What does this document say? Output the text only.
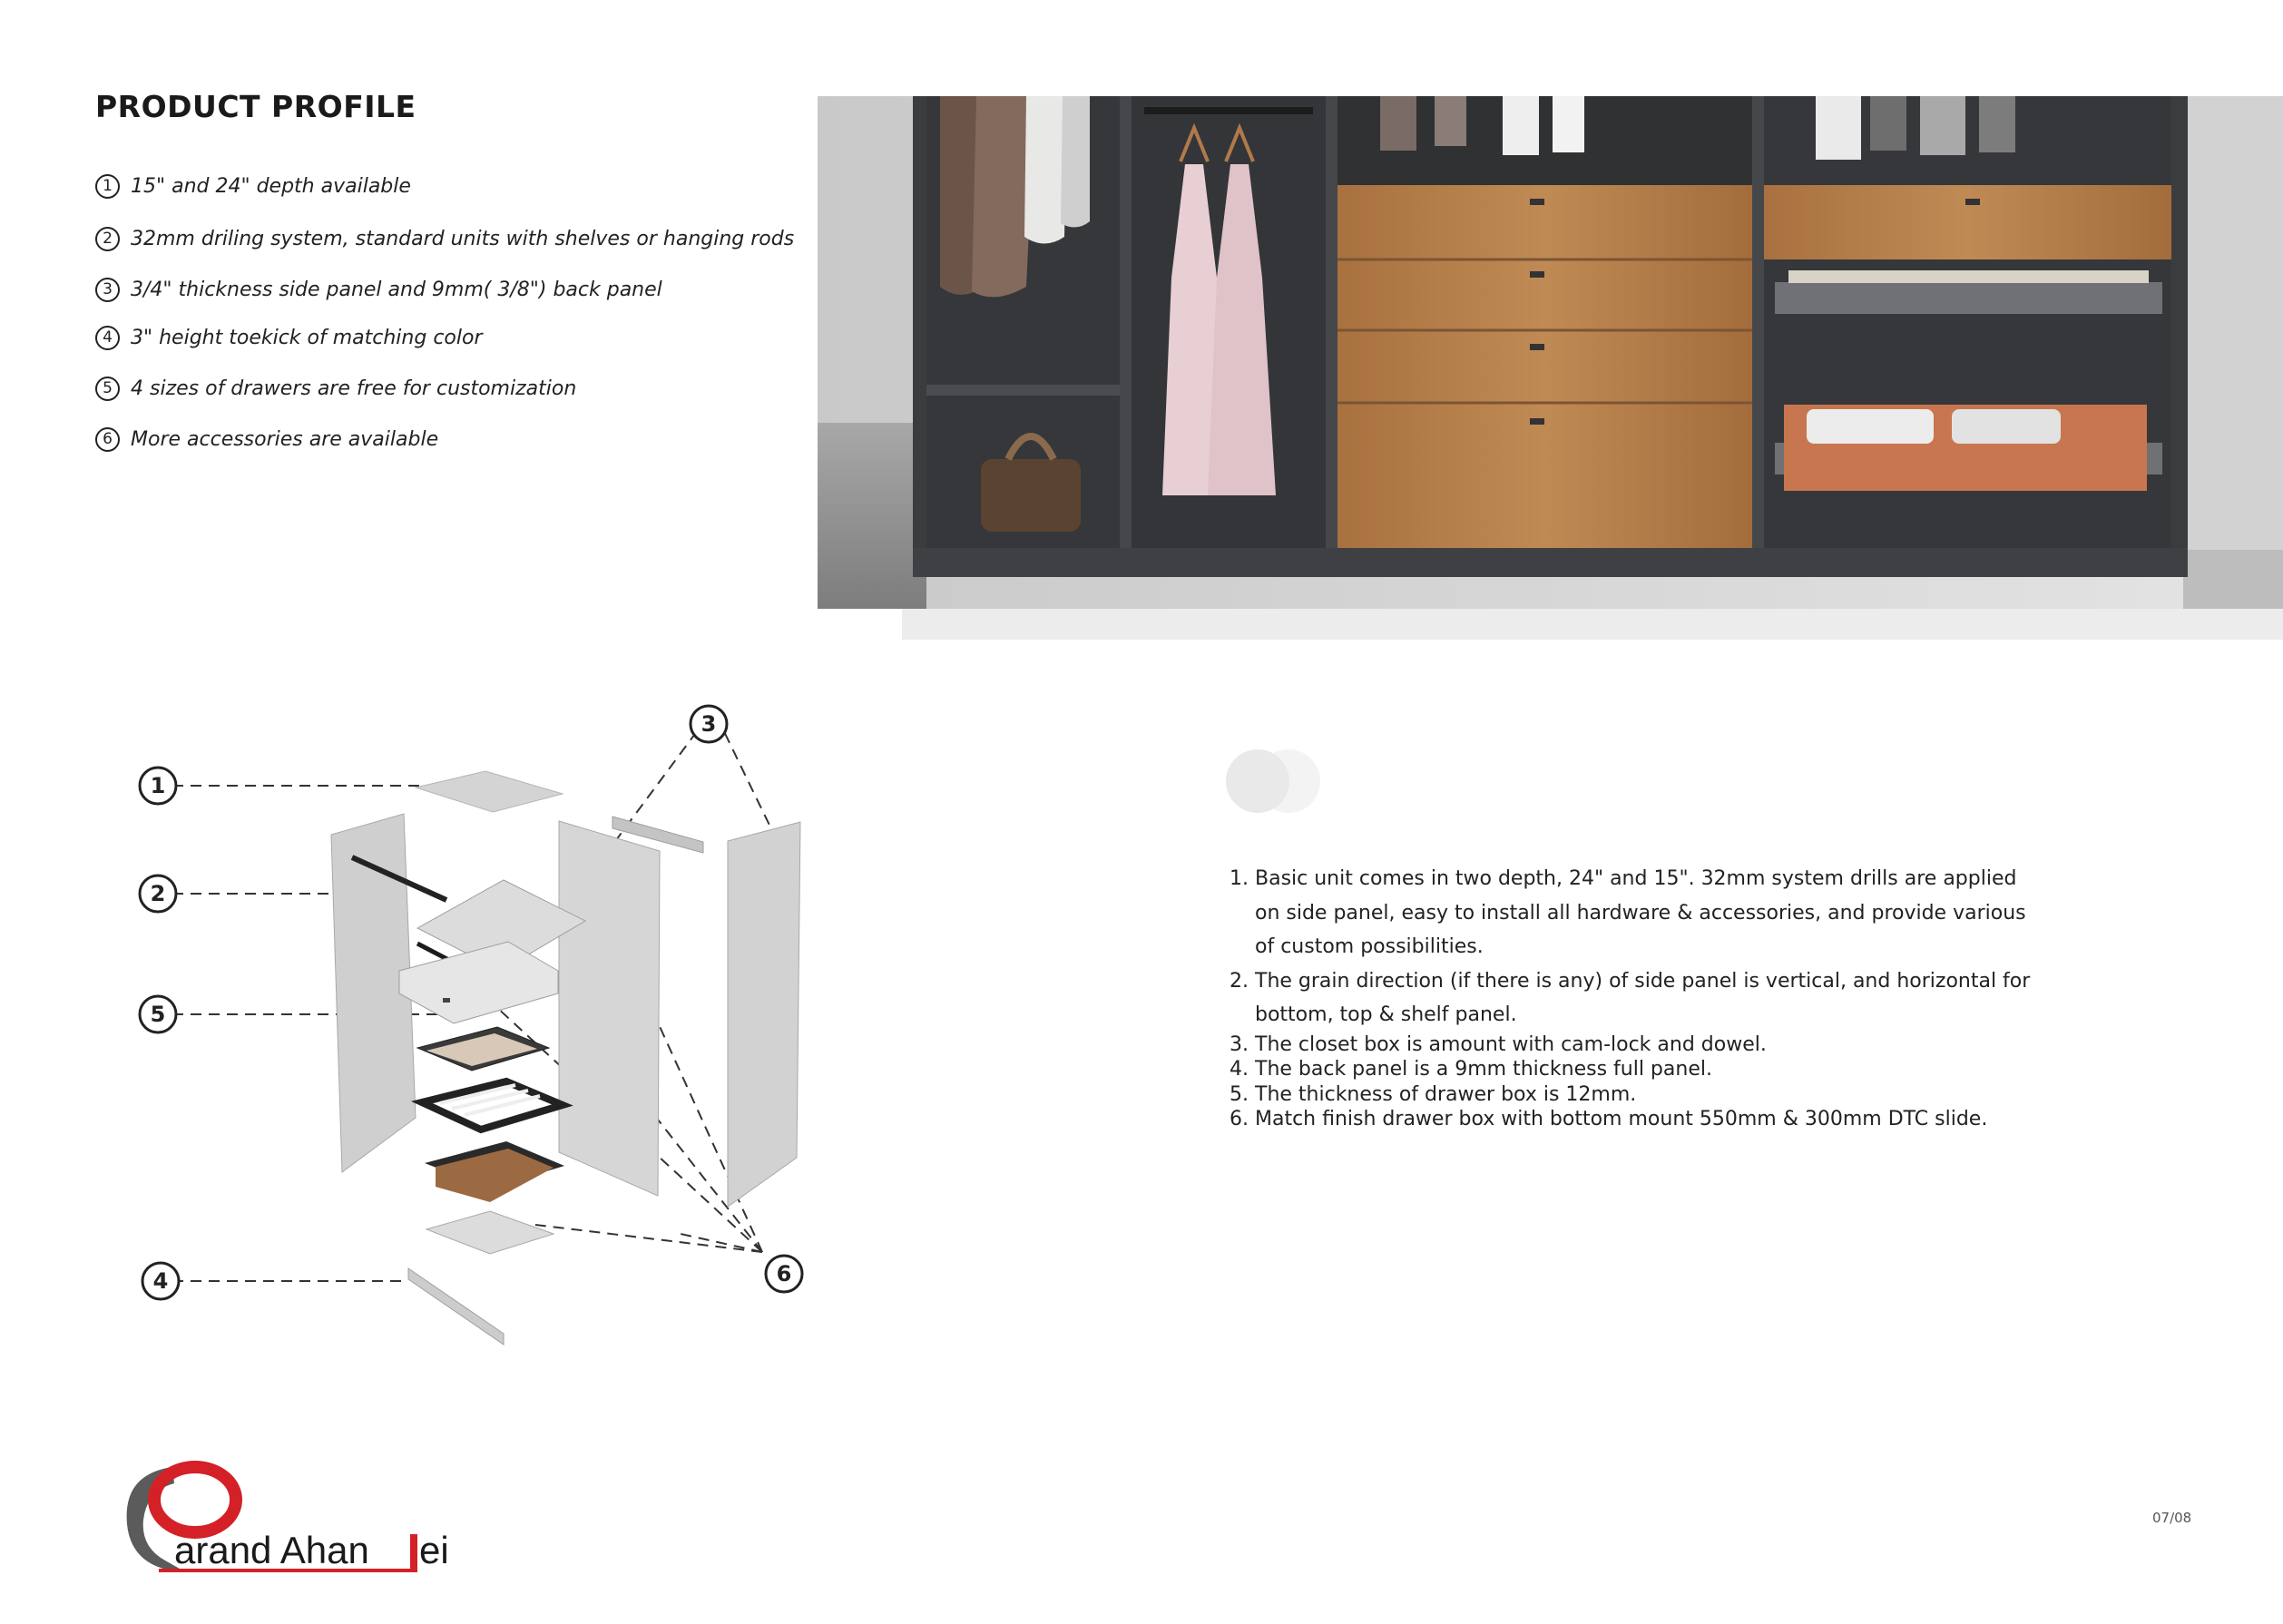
PRODUCT PROFILE
1 15" and 24" depth available
2 32mm driling system, standard units with shelves or hanging rods
3 3/4" thickness side panel and 9mm( 3/8") back panel
4 3" height toekick of matching color
5 4 sizes of drawers are free for customization
6 More accessories are available
1. Basic unit comes in two depth, 24" and 15". 32mm system drills are applied on side panel, easy to install all hardware & accessories, and provide various of custom possibilities.
2. The grain direction (if there is any) of side panel is vertical, and horizontal for bottom, top & shelf panel.
3. The closet box is amount with cam-lock and dowel.
4. The back panel is a 9mm thickness full panel.
5. The thickness of drawer box is 12mm.
6. Match finish drawer box with bottom mount 550mm & 300mm DTC slide.
1
2
3
4
5
6
arand Ahan ei
07/08
